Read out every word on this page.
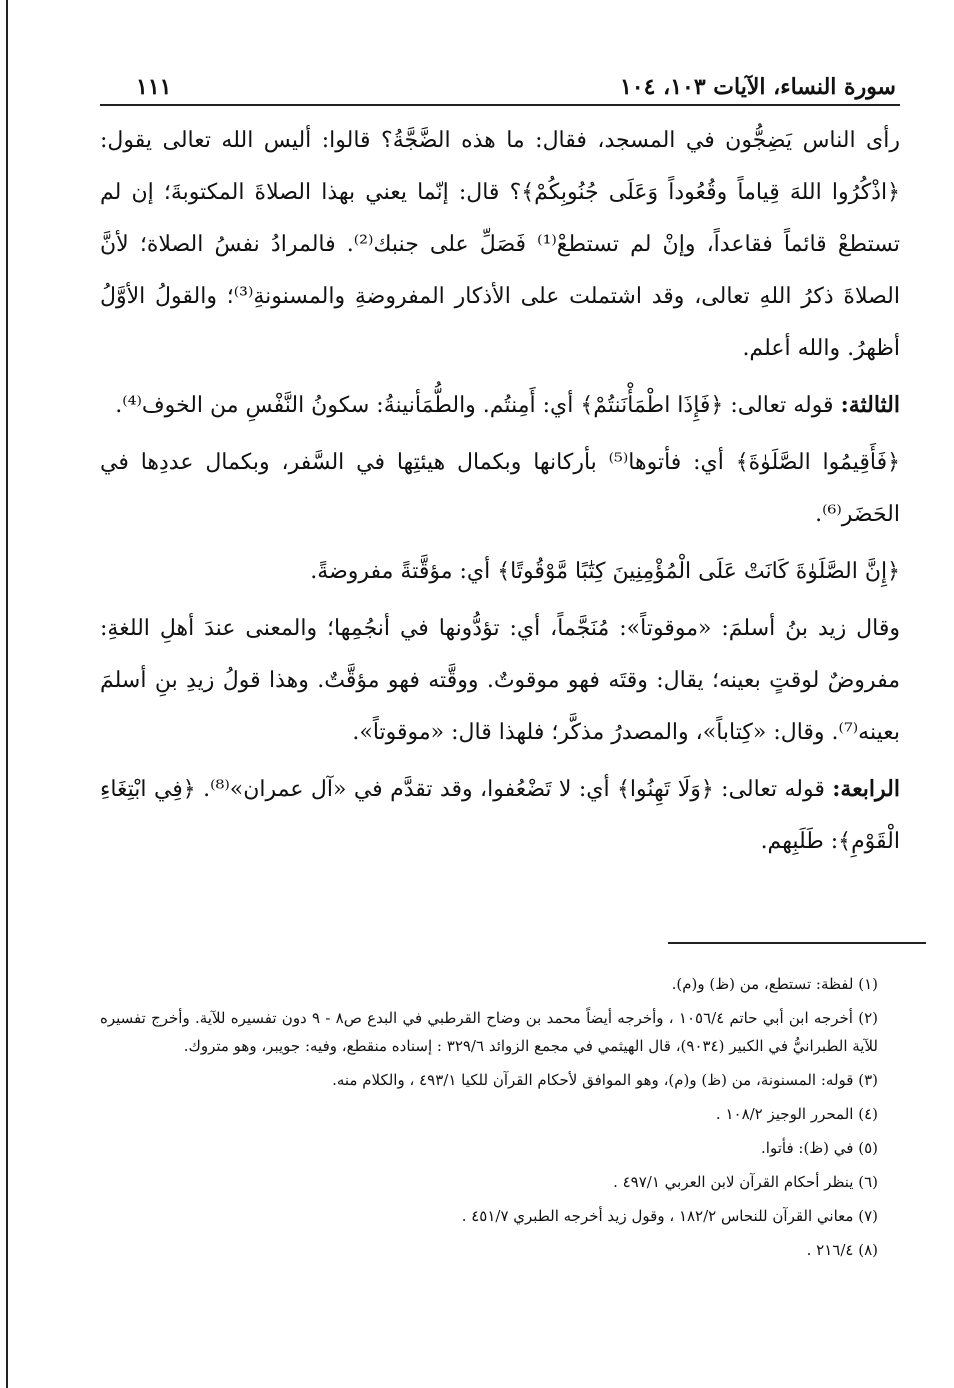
سورة النساء، الآيات ١٠٣، ١٠٤
١١١

رأى الناس يَضِجُّون في المسجد، فقال: ما هذه الضَّجَّةُ؟ قالوا: أليس الله تعالى يقول: ﴿اذْكُرُوا اللهَ قِياماً وقُعُوداً وَعَلَى جُنُوبِكُمْ﴾؟ قال: إنّما يعني بهذا الصلاةَ المكتوبةَ؛ إن لم تستطعْ قائماً فقاعداً، وإنْ لم تستطعْ⁽¹⁾ فَصَلِّ على جنبك⁽²⁾. فالمرادُ نفسُ الصلاة؛ لأنَّ الصلاةَ ذكرُ اللهِ تعالى، وقد اشتملت على الأذكار المفروضةِ والمسنونةِ⁽³⁾؛ والقولُ الأوَّلُ أظهرُ. والله أعلم.

الثالثة: قوله تعالى: ﴿فَإِذَا اطْمَأْنَنتُمْ﴾ أي: أَمِنتُم. والطُّمَأنينةُ: سكونُ النَّفْسِ من الخوف⁽⁴⁾.

﴿فَأَقِيمُوا الصَّلَوٰةَ﴾ أي: فأتوها⁽⁵⁾ بأركانها وبكمال هيئتِها في السَّفر، وبكمال عددِها في الحَضَر⁽⁶⁾.

﴿إِنَّ الصَّلَوٰةَ كَانَتْ عَلَى الْمُؤْمِنِينَ كِتَٰبًا مَّوْقُوتًا﴾ أي: مؤقَّتةً مفروضةً.

وقال زيد بنُ أسلمَ: «موقوتاً»: مُنَجَّماً، أي: تؤدُّونها في أنجُمِها؛ والمعنى عندَ أهلِ اللغةِ: مفروضٌ لوقتٍ بعينه؛ يقال: وقتَه فهو موقوتٌ. ووقَّته فهو مؤقَّتٌ. وهذا قولُ زيدِ بنِ أسلمَ بعينه⁽⁷⁾. وقال: «كِتاباً»، والمصدرُ مذكَّر؛ فلهذا قال: «موقوتاً».

الرابعة: قوله تعالى: ﴿وَلَا تَهِنُوا﴾ أي: لا تَضْعُفوا، وقد تقدَّم في «آل عمران»⁽⁸⁾. ﴿فِي ابْتِغَاءِ الْقَوْمِ﴾: طَلَبِهم.

(١) لفظة: تستطع، من (ظ) و(م).

(٢) أخرجه ابن أبي حاتم ١٠٥٦/٤ ، وأخرجه أيضاً محمد بن وضاح القرطبي في البدع ص٨ - ٩ دون تفسيره للآية. وأخرج تفسيره للآية الطبرانيُّ في الكبير (٩٠٣٤)، قال الهيثمي في مجمع الزوائد ٣٢٩/٦ : إسناده منقطع، وفيه: جويبر، وهو متروك.

(٣) قوله: المسنونة، من (ظ) و(م)، وهو الموافق لأحكام القرآن للكيا ٤٩٣/١ ، والكلام منه.

(٤) المحرر الوجيز ١٠٨/٢ .

(٥) في (ظ): فأتوا.

(٦) ينظر أحكام القرآن لابن العربي ٤٩٧/١ .

(٧) معاني القرآن للنحاس ١٨٢/٢ ، وقول زيد أخرجه الطبري ٤٥١/٧ .

(٨) ٢١٦/٤ .
